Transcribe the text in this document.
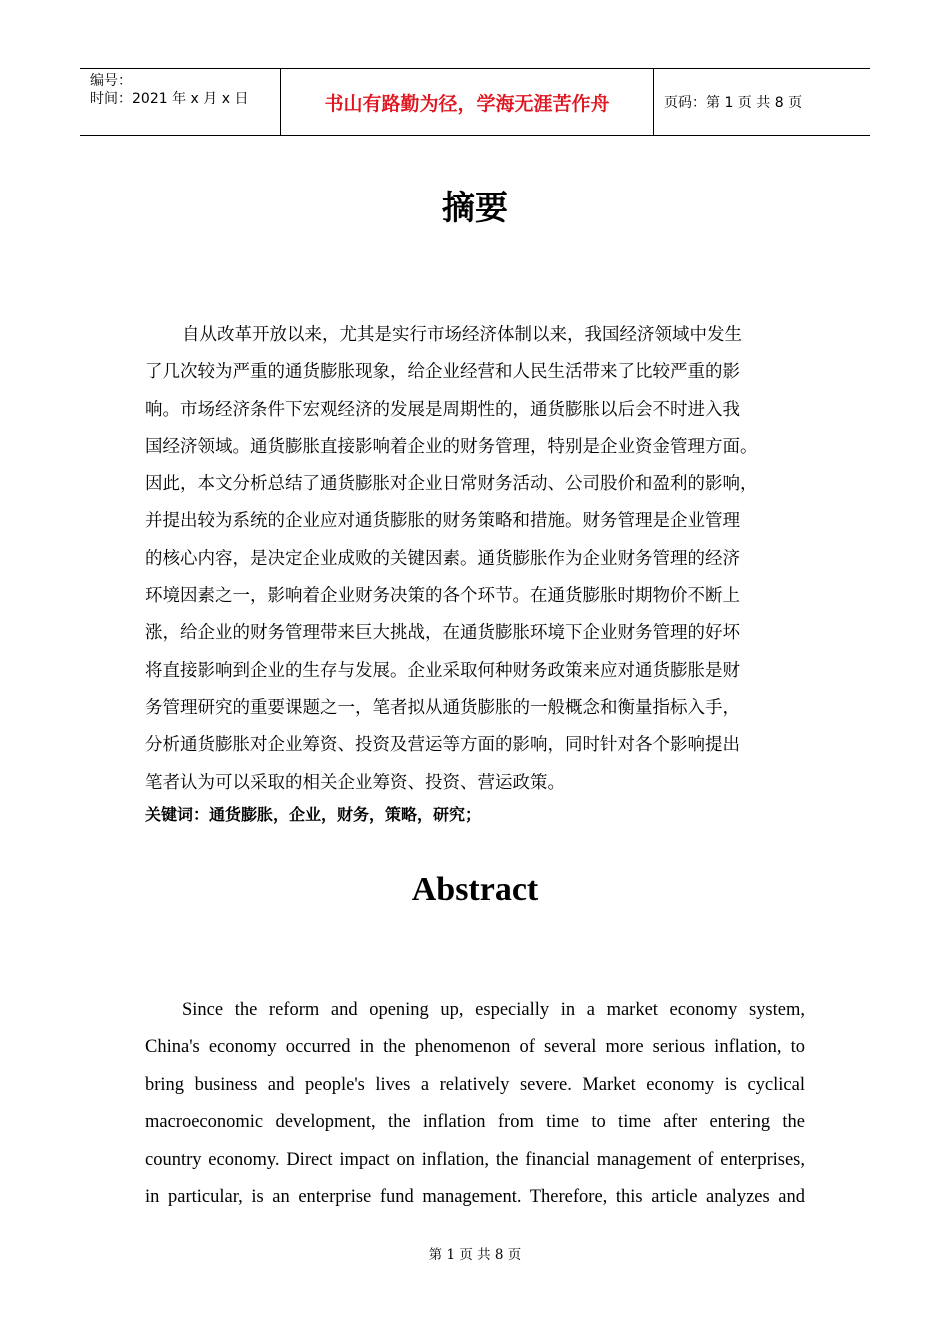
编号：
时间：2021 年 x 月 x 日	书山有路勤为径，学海无涯苦作舟	页码：第 1 页 共 8 页
摘要
自从改革开放以来，尤其是实行市场经济体制以来，我国经济领域中发生
了几次较为严重的通货膨胀现象，给企业经营和人民生活带来了比较严重的影
响。市场经济条件下宏观经济的发展是周期性的，通货膨胀以后会不时进入我
国经济领域。通货膨胀直接影响着企业的财务管理，特别是企业资金管理方面。
因此，本文分析总结了通货膨胀对企业日常财务活动、公司股价和盈利的影响，
并提出较为系统的企业应对通货膨胀的财务策略和措施。财务管理是企业管理
的核心内容，是决定企业成败的关键因素。通货膨胀作为企业财务管理的经济
环境因素之一，影响着企业财务决策的各个环节。在通货膨胀时期物价不断上
涨，给企业的财务管理带来巨大挑战，在通货膨胀环境下企业财务管理的好坏
将直接影响到企业的生存与发展。企业采取何种财务政策来应对通货膨胀是财
务管理研究的重要课题之一，笔者拟从通货膨胀的一般概念和衡量指标入手，
分析通货膨胀对企业筹资、投资及营运等方面的影响，同时针对各个影响提出
笔者认为可以采取的相关企业筹资、投资、营运政策。
关键词：通货膨胀，企业，财务，策略，研究；
Abstract
Since the reform and opening up, especially in a market economy system,
China's economy occurred in the phenomenon of several more serious inflation, to
bring business and people's lives a relatively severe. Market economy is cyclical
macroeconomic development, the inflation from time to time after entering the
country economy. Direct impact on inflation, the financial management of enterprises,
in particular, is an enterprise fund management. Therefore, this article analyzes and
第 1 页 共 8 页
